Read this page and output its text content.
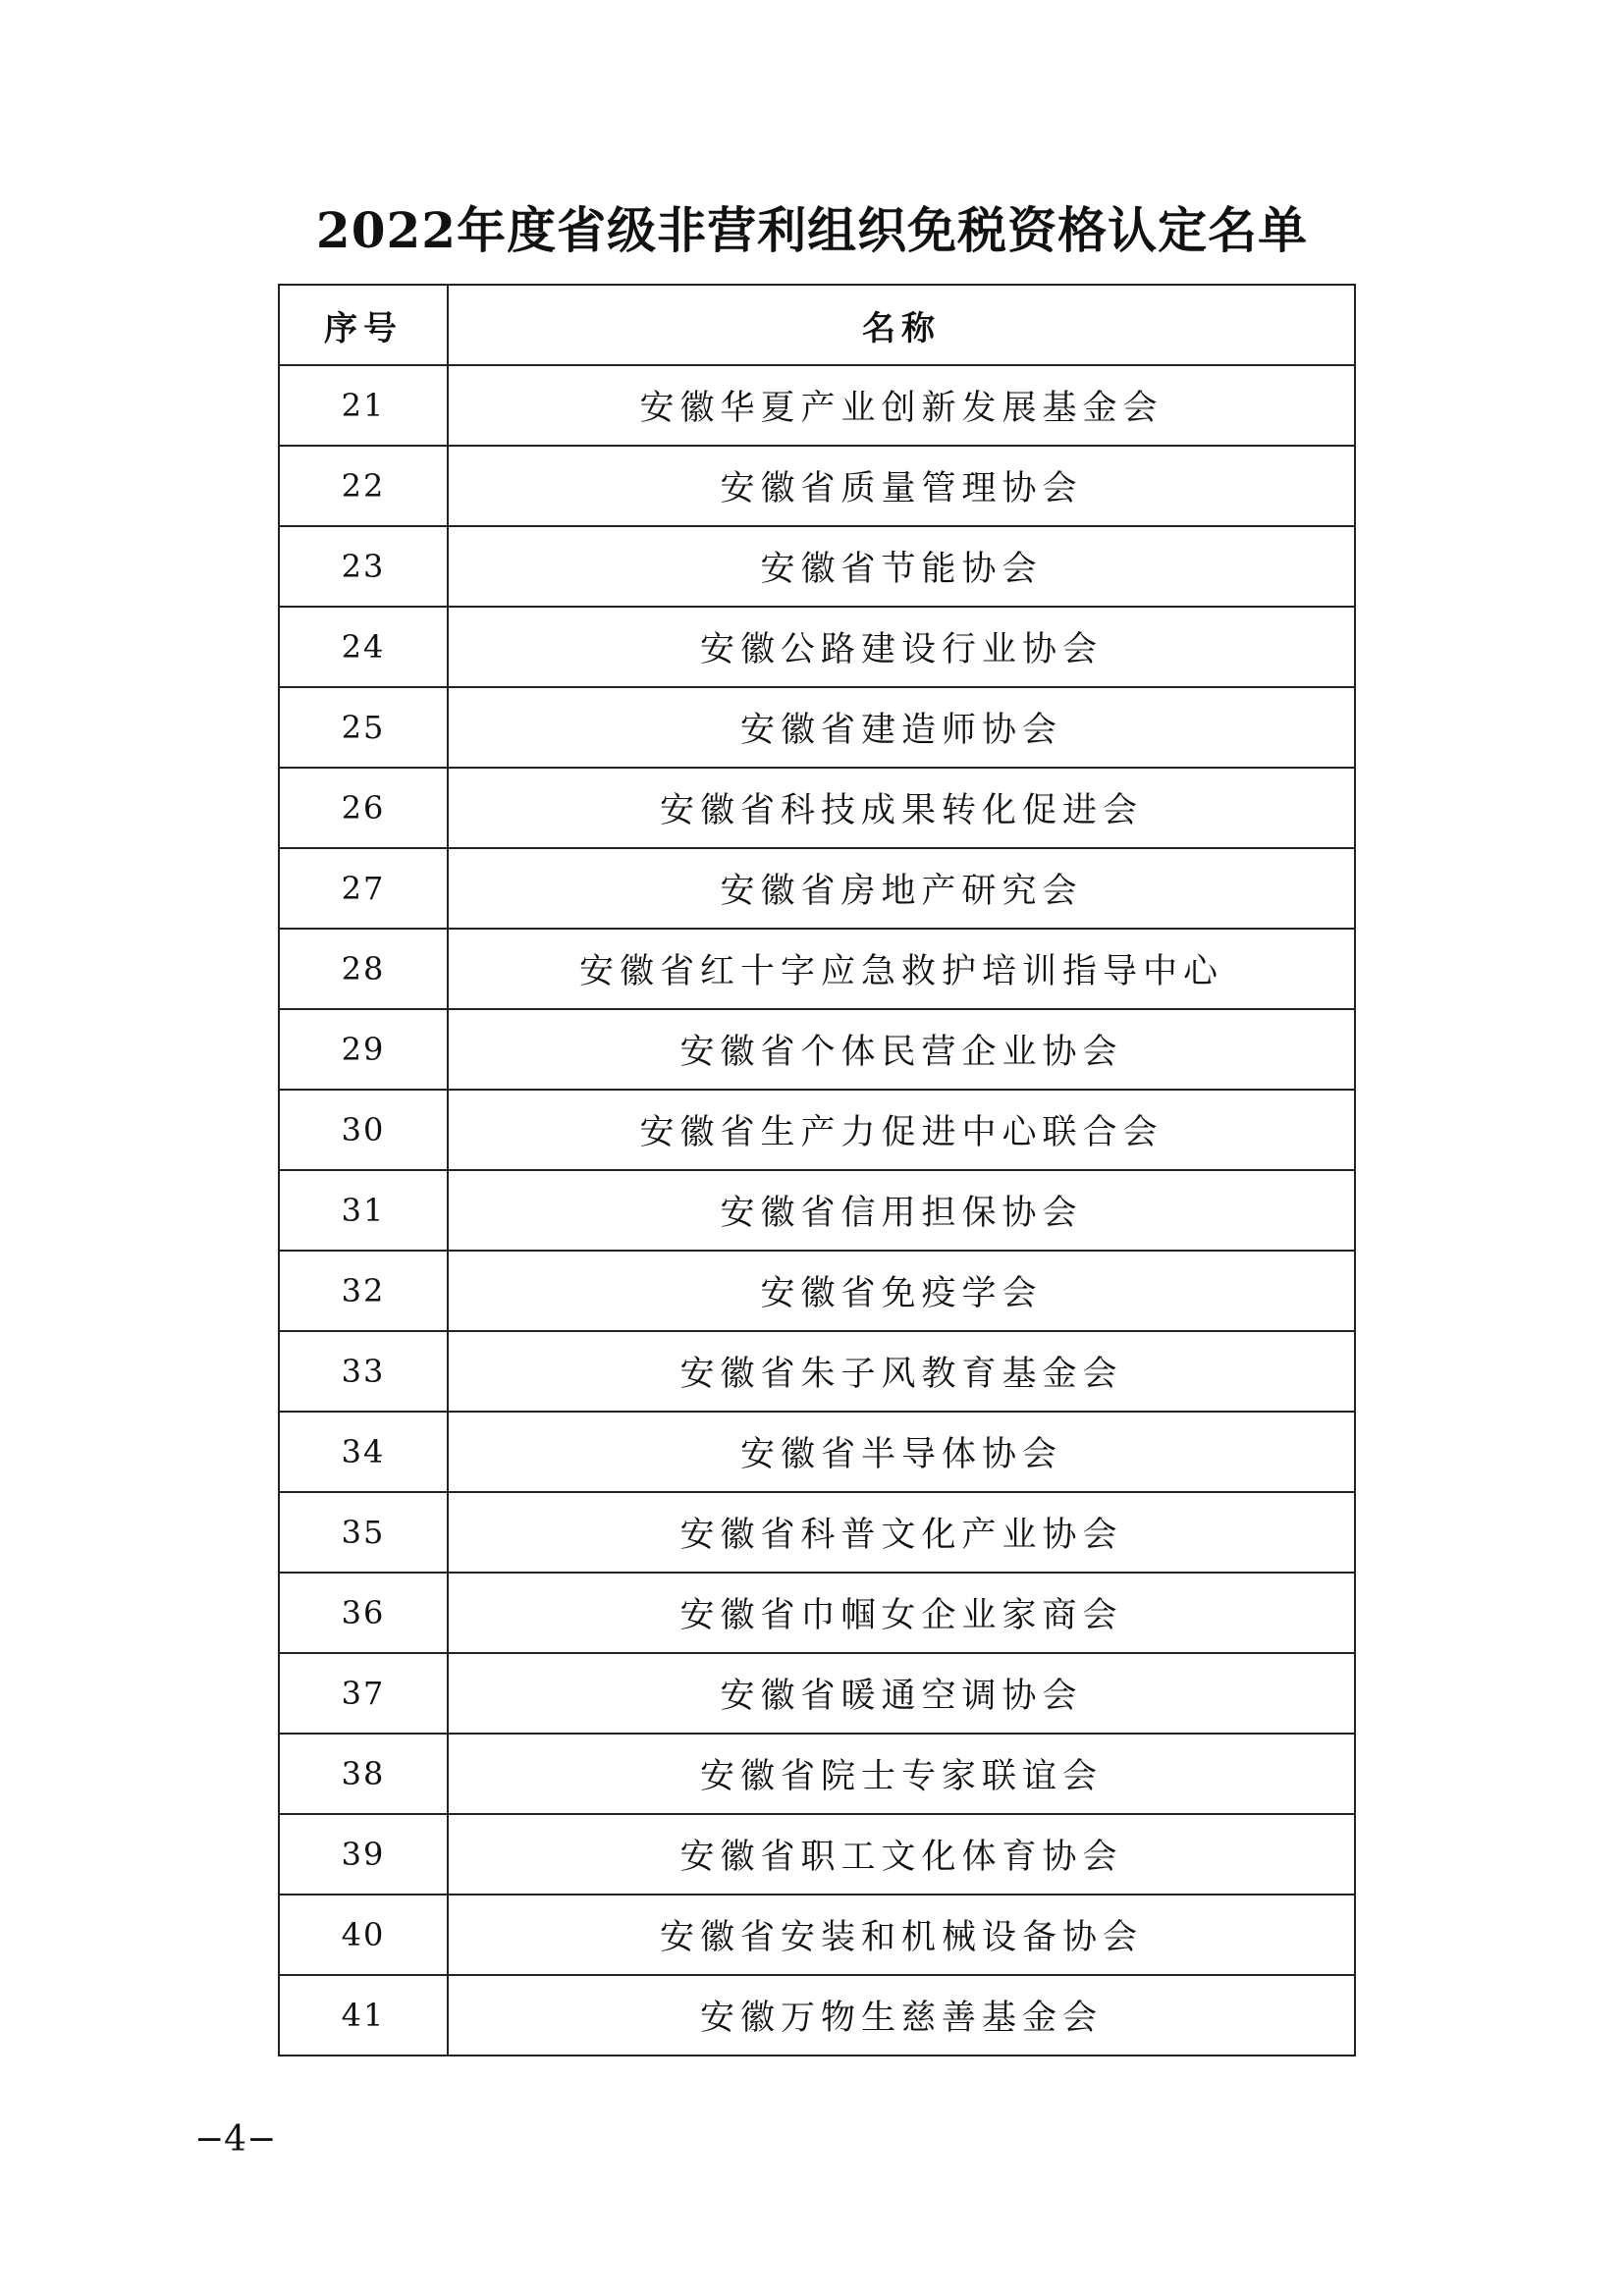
2022年度省级非营利组织免税资格认定名单
序号	名称
21	安徽华夏产业创新发展基金会
22	安徽省质量管理协会
23	安徽省节能协会
24	安徽公路建设行业协会
25	安徽省建造师协会
26	安徽省科技成果转化促进会
27	安徽省房地产研究会
28	安徽省红十字应急救护培训指导中心
29	安徽省个体民营企业协会
30	安徽省生产力促进中心联合会
31	安徽省信用担保协会
32	安徽省免疫学会
33	安徽省朱子风教育基金会
34	安徽省半导体协会
35	安徽省科普文化产业协会
36	安徽省巾帼女企业家商会
37	安徽省暖通空调协会
38	安徽省院士专家联谊会
39	安徽省职工文化体育协会
40	安徽省安装和机械设备协会
41	安徽万物生慈善基金会
−4−
